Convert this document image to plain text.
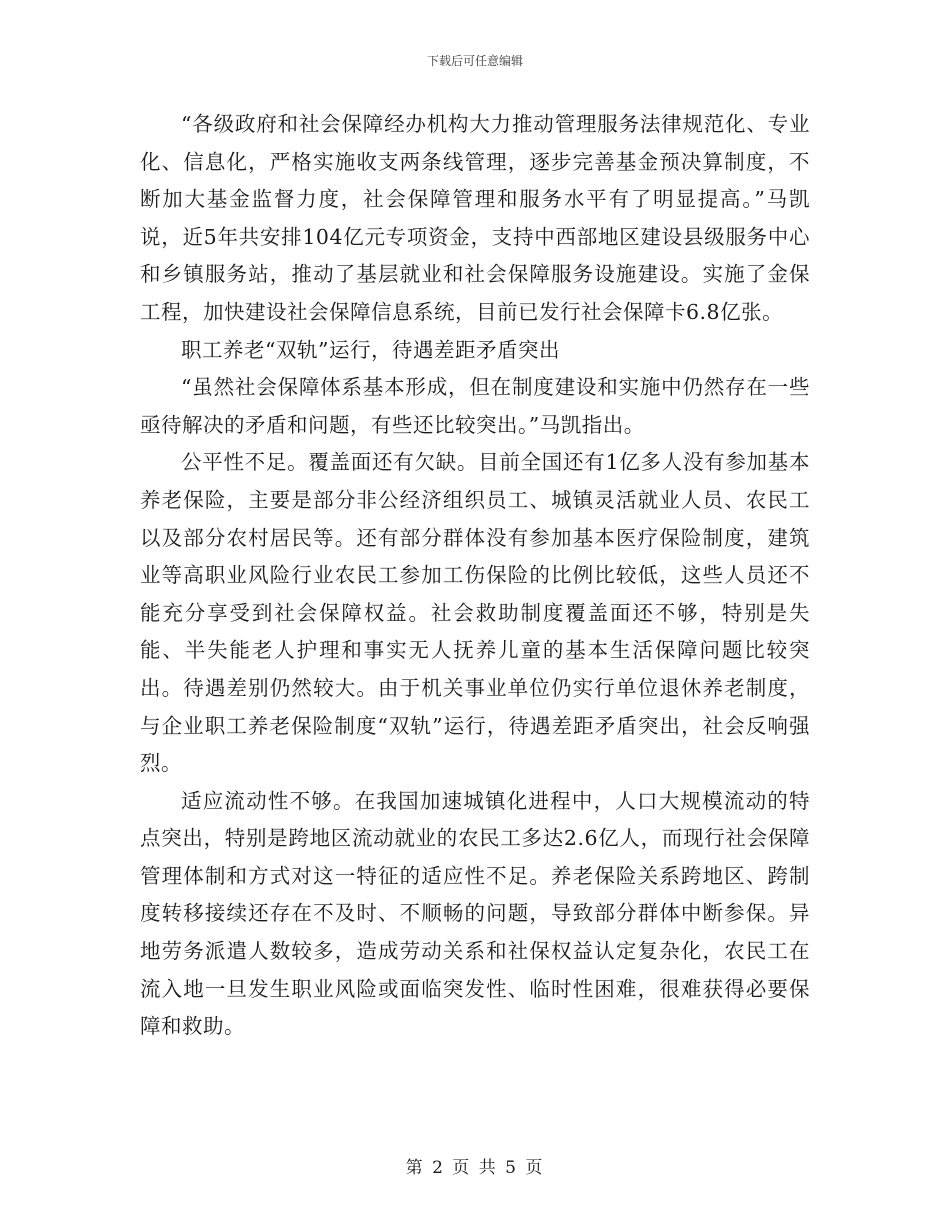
下载后可任意编辑

“各级政府和社会保障经办机构大力推动管理服务法律规范化、专业化、信息化，严格实施收支两条线管理，逐步完善基金预决算制度，不断加大基金监督力度，社会保障管理和服务水平有了明显提高。”马凯说，近5年共安排104亿元专项资金，支持中西部地区建设县级服务中心和乡镇服务站，推动了基层就业和社会保障服务设施建设。实施了金保工程，加快建设社会保障信息系统，目前已发行社会保障卡6.8亿张。

职工养老“双轨”运行，待遇差距矛盾突出

“虽然社会保障体系基本形成，但在制度建设和实施中仍然存在一些亟待解决的矛盾和问题，有些还比较突出。”马凯指出。

公平性不足。覆盖面还有欠缺。目前全国还有1亿多人没有参加基本养老保险，主要是部分非公经济组织员工、城镇灵活就业人员、农民工以及部分农村居民等。还有部分群体没有参加基本医疗保险制度，建筑业等高职业风险行业农民工参加工伤保险的比例比较低，这些人员还不能充分享受到社会保障权益。社会救助制度覆盖面还不够，特别是失能、半失能老人护理和事实无人抚养儿童的基本生活保障问题比较突出。待遇差别仍然较大。由于机关事业单位仍实行单位退休养老制度，与企业职工养老保险制度“双轨”运行，待遇差距矛盾突出，社会反响强烈。

适应流动性不够。在我国加速城镇化进程中，人口大规模流动的特点突出，特别是跨地区流动就业的农民工多达2.6亿人，而现行社会保障管理体制和方式对这一特征的适应性不足。养老保险关系跨地区、跨制度转移接续还存在不及时、不顺畅的问题，导致部分群体中断参保。异地劳务派遣人数较多，造成劳动关系和社保权益认定复杂化，农民工在流入地一旦发生职业风险或面临突发性、临时性困难，很难获得必要保障和救助。

第 2 页 共 5 页
